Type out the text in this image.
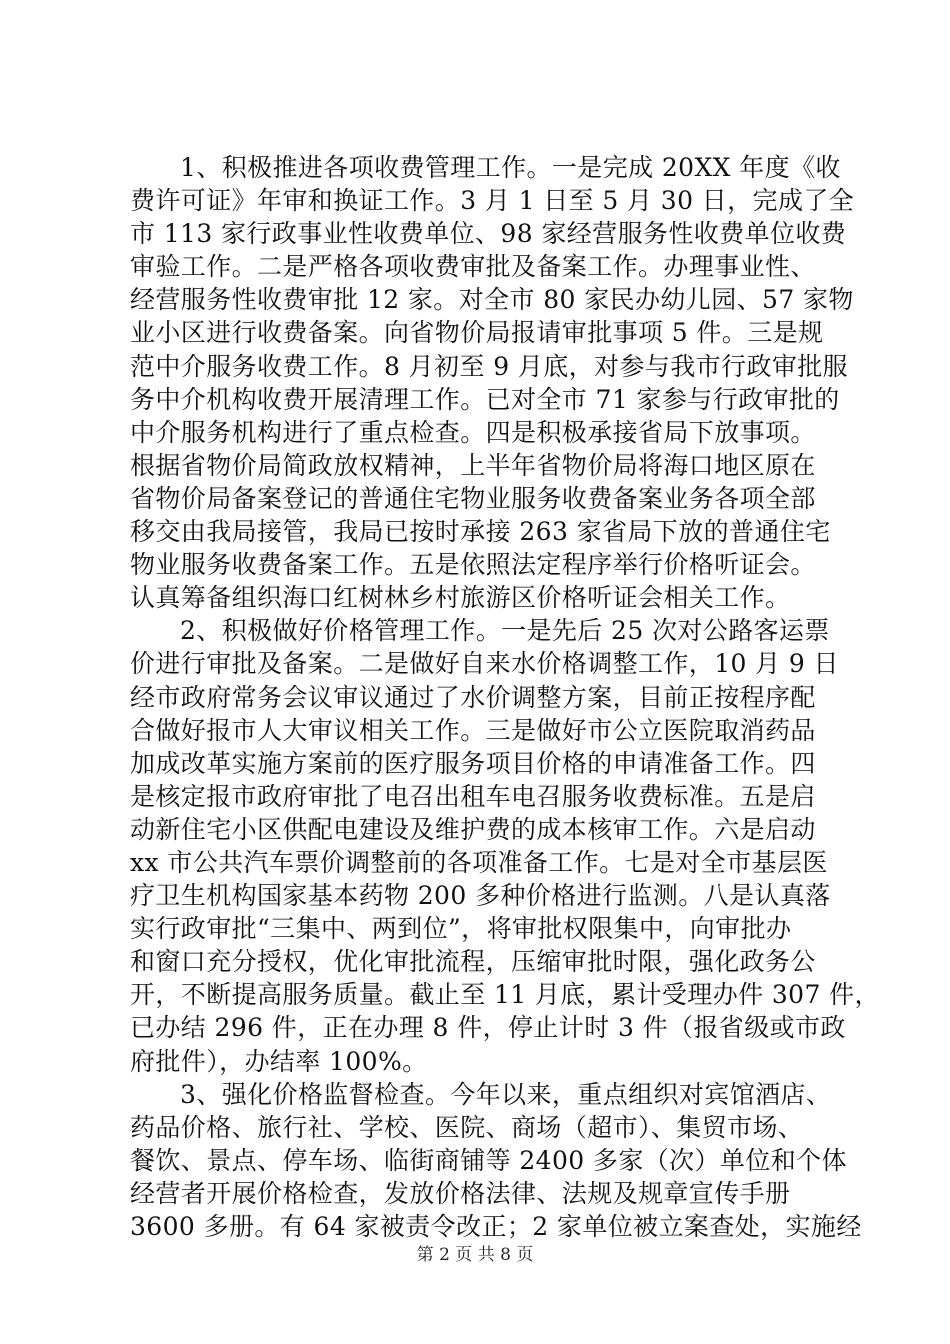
1、积极推进各项收费管理工作。一是完成 20XX 年度《收
费许可证》年审和换证工作。3 月 1 日至 5 月 30 日，完成了全
市 113 家行政事业性收费单位、98 家经营服务性收费单位收费
审验工作。二是严格各项收费审批及备案工作。办理事业性、
经营服务性收费审批 12 家。对全市 80 家民办幼儿园、57 家物
业小区进行收费备案。向省物价局报请审批事项 5 件。三是规
范中介服务收费工作。8 月初至 9 月底，对参与我市行政审批服
务中介机构收费开展清理工作。已对全市 71 家参与行政审批的
中介服务机构进行了重点检查。四是积极承接省局下放事项。
根据省物价局简政放权精神，上半年省物价局将海口地区原在
省物价局备案登记的普通住宅物业服务收费备案业务各项全部
移交由我局接管，我局已按时承接 263 家省局下放的普通住宅
物业服务收费备案工作。五是依照法定程序举行价格听证会。
认真筹备组织海口红树林乡村旅游区价格听证会相关工作。
2、积极做好价格管理工作。一是先后 25 次对公路客运票
价进行审批及备案。二是做好自来水价格调整工作，10 月 9 日
经市政府常务会议审议通过了水价调整方案，目前正按程序配
合做好报市人大审议相关工作。三是做好市公立医院取消药品
加成改革实施方案前的医疗服务项目价格的申请准备工作。四
是核定报市政府审批了电召出租车电召服务收费标准。五是启
动新住宅小区供配电建设及维护费的成本核审工作。六是启动
xx 市公共汽车票价调整前的各项准备工作。七是对全市基层医
疗卫生机构国家基本药物 200 多种价格进行监测。八是认真落
实行政审批“三集中、两到位”，将审批权限集中，向审批办
和窗口充分授权，优化审批流程，压缩审批时限，强化政务公
开，不断提高服务质量。截止至 11 月底，累计受理办件 307 件，
已办结 296 件，正在办理 8 件，停止计时 3 件（报省级或市政
府批件），办结率 100%。
3、强化价格监督检查。今年以来，重点组织对宾馆酒店、
药品价格、旅行社、学校、医院、商场（超市）、集贸市场、
餐饮、景点、停车场、临街商铺等 2400 多家（次）单位和个体
经营者开展价格检查，发放价格法律、法规及规章宣传手册
3600 多册。有 64 家被责令改正；2 家单位被立案查处，实施经
第 2 页 共 8 页
